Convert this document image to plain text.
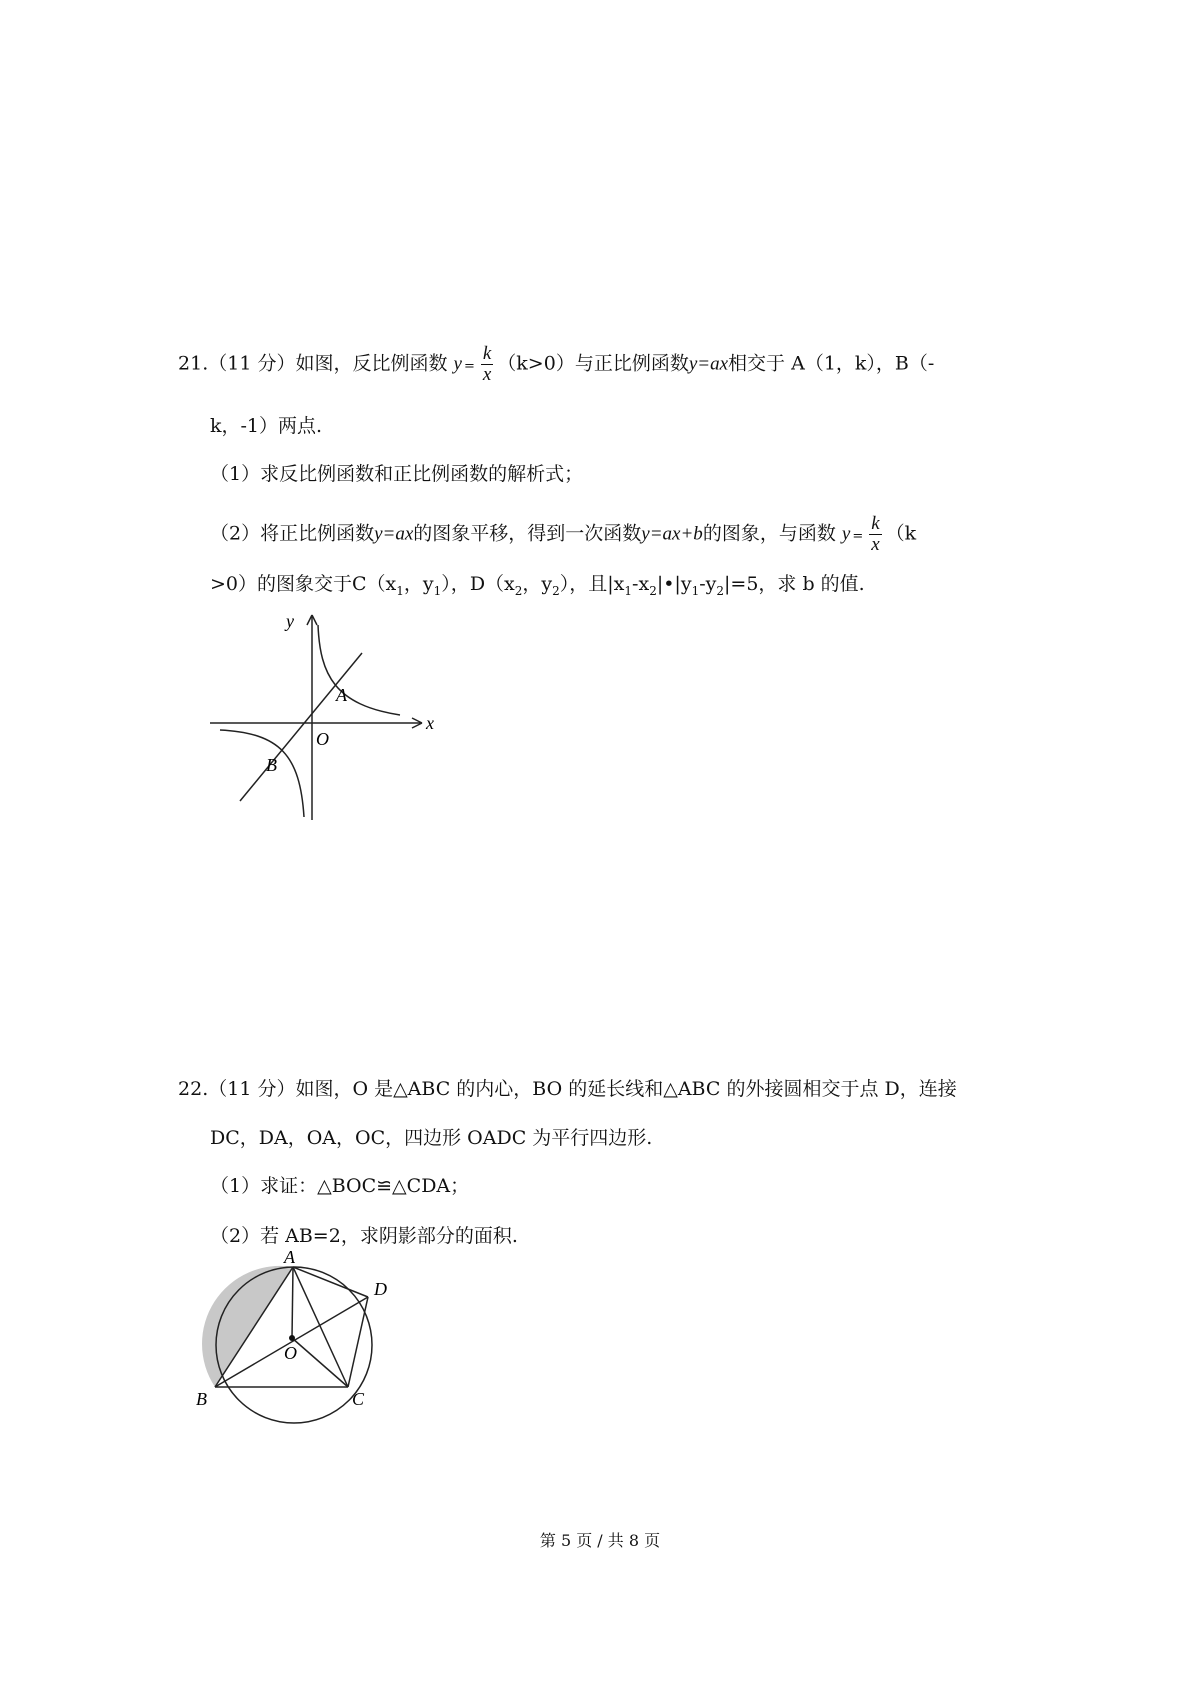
21.（11 分）如图，反比例函数 $y = \frac{k}{x} (k>0)$与正比例函数y=ax相交于 A（1，k），B（-
k，-1）两点.
（1）求反比例函数和正比例函数的解析式；
（2）将正比例函数y=ax的图象平移，得到一次函数y=ax+b的图象，与函数 $y = \frac{k}{x} (k$
>0）的图象交于$C(x_1$，$y_1$），$D(x_2$，$y_2$），且$|x_1-x_2|•|y_1-y_2|=5$，求 b 的值.
y
x
O
A
B
22.（11 分）如图，O 是△ABC 的内心，BO 的延长线和△ABC 的外接圆相交于点 D，连接
DC，DA，OA，OC，四边形 OADC 为平行四边形.
（1）求证：△BOC≌△CDA；
（2）若 AB=2，求阴影部分的面积.
A
B	C
D
O
第 5 页 / 共 8 页
